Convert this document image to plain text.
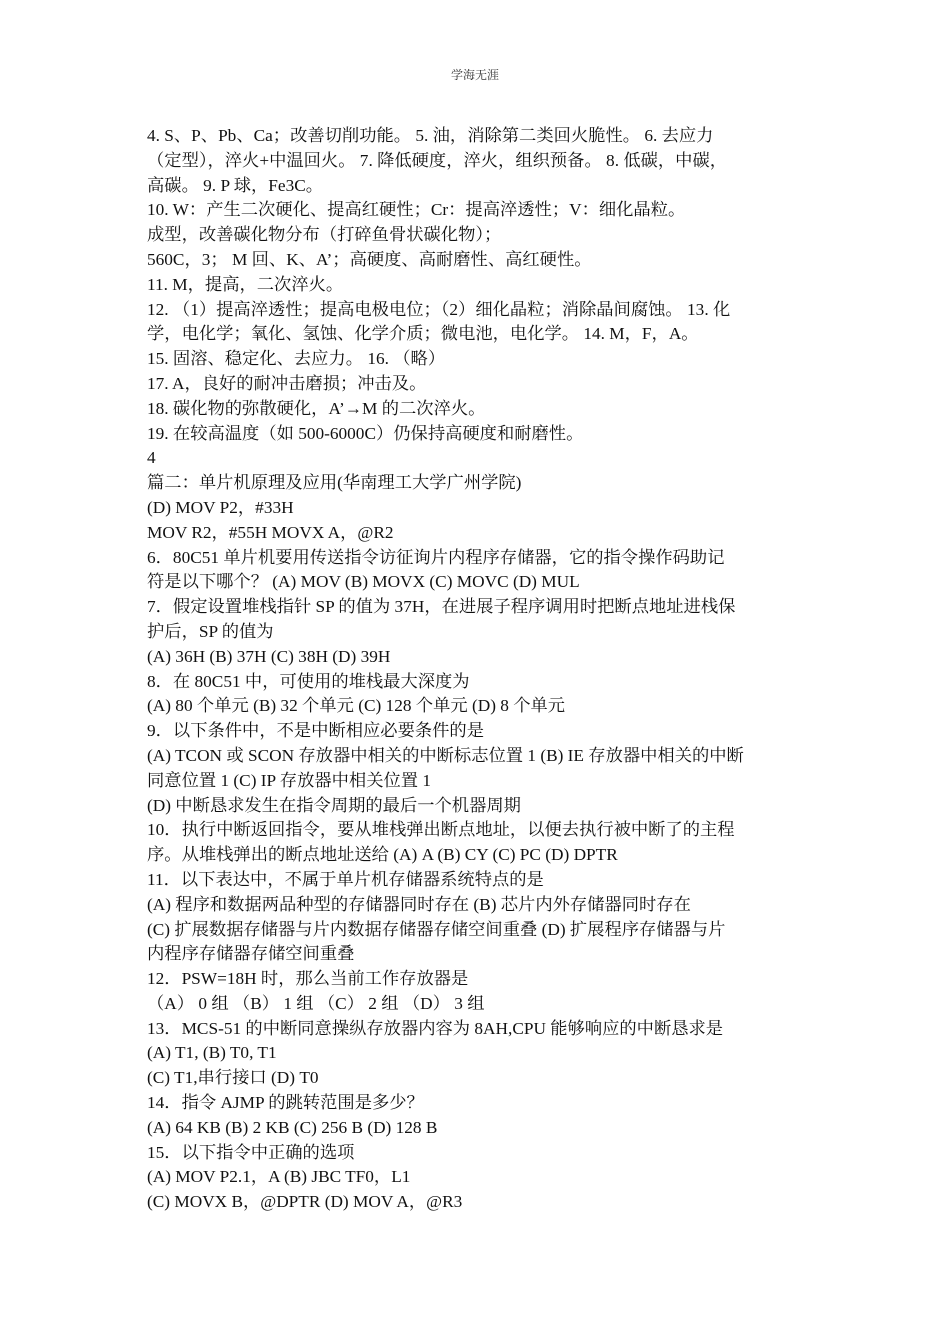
学海无涯

4. S、P、Pb、Ca；改善切削功能。 5. 油，消除第二类回火脆性。 6. 去应力

（定型），淬火+中温回火。 7. 降低硬度，淬火，组织预备。 8. 低碳，中碳，

高碳。 9. P 球，Fe3C。

10. W：产生二次硬化、提高红硬性；Cr：提高淬透性；V：细化晶粒。

成型，改善碳化物分布（打碎鱼骨状碳化物）；

560C，3； M 回、K、A’；高硬度、高耐磨性、高红硬性。

11. M，提高，二次淬火。

12. （1）提高淬透性；提高电极电位；（2）细化晶粒；消除晶间腐蚀。 13. 化

学，电化学；氧化、氢蚀、化学介质；微电池，电化学。 14. M，F，A。

15. 固溶、稳定化、去应力。 16. （略）

17. A，良好的耐冲击磨损；冲击及。

18. 碳化物的弥散硬化，A’→M 的二次淬火。

19. 在较高温度（如 500-6000C）仍保持高硬度和耐磨性。

4

篇二：单片机原理及应用(华南理工大学广州学院)

(D) MOV P2，#33H

MOV R2，#55H MOVX A，@R2

6．80C51 单片机要用传送指令访征询片内程序存储器，它的指令操作码助记

符是以下哪个？ (A) MOV (B) MOVX (C) MOVC (D) MUL

7．假定设置堆栈指针 SP 的值为 37H，在进展子程序调用时把断点地址进栈保

护后，SP 的值为

(A) 36H (B) 37H (C) 38H (D) 39H

8．在 80C51 中，可使用的堆栈最大深度为

(A) 80 个单元 (B) 32 个单元 (C) 128 个单元 (D) 8 个单元

9．以下条件中，不是中断相应必要条件的是

(A) TCON 或 SCON 存放器中相关的中断标志位置 1 (B) IE 存放器中相关的中断

同意位置 1 (C) IP 存放器中相关位置 1

(D) 中断恳求发生在指令周期的最后一个机器周期

10．执行中断返回指令，要从堆栈弹出断点地址，以便去执行被中断了的主程

序。从堆栈弹出的断点地址送给 (A) A (B) CY (C) PC (D) DPTR

11．以下表达中，不属于单片机存储器系统特点的是

(A) 程序和数据两品种型的存储器同时存在 (B) 芯片内外存储器同时存在

(C) 扩展数据存储器与片内数据存储器存储空间重叠 (D) 扩展程序存储器与片

内程序存储器存储空间重叠

12．PSW=18H 时，那么当前工作存放器是

（A） 0 组 （B） 1 组 （C） 2 组 （D） 3 组

13．MCS-51 的中断同意操纵存放器内容为 8AH,CPU 能够响应的中断恳求是

(A) T1, (B) T0, T1

(C) T1,串行接口 (D) T0

14．指令 AJMP 的跳转范围是多少？

(A) 64 KB (B) 2 KB (C) 256 B (D) 128 B

15．以下指令中正确的选项

(A) MOV P2.1，A (B) JBC TF0，L1

(C) MOVX B，@DPTR (D) MOV A，@R3
